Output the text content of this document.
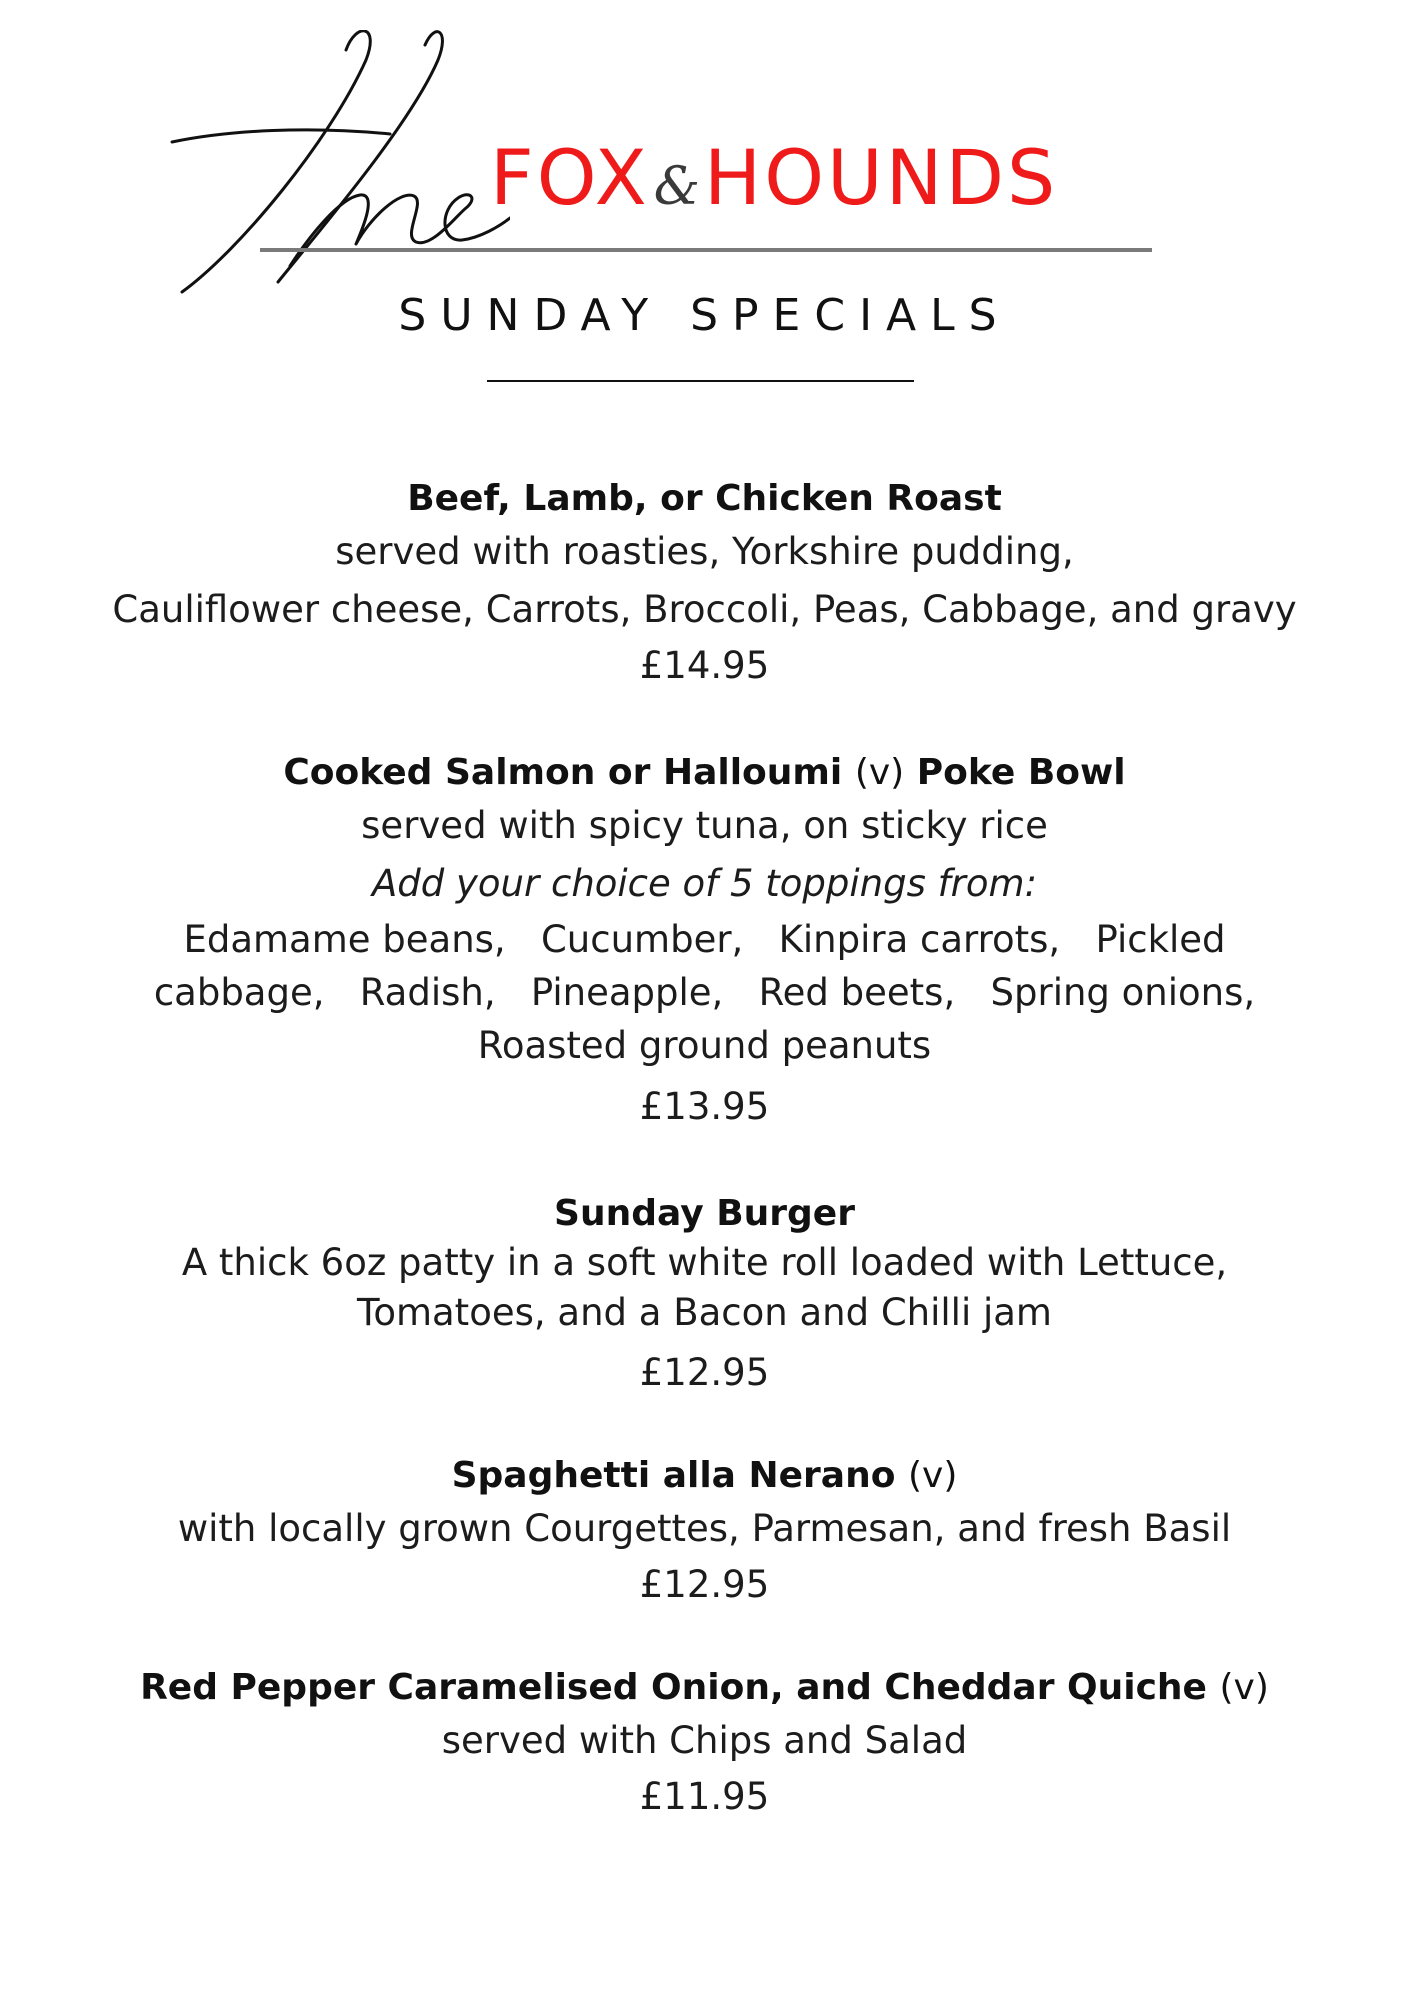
FOX&HOUNDS
SUNDAY SPECIALS
Beef, Lamb, or Chicken Roast
served with roasties, Yorkshire pudding,
Cauliflower cheese, Carrots, Broccoli, Peas, Cabbage, and gravy
£14.95
Cooked Salmon or Halloumi (v) Poke Bowl
served with spicy tuna, on sticky rice
Add your choice of 5 toppings from:
Edamame beans,   Cucumber,   Kinpira carrots,   Pickled cabbage,   Radish,   Pineapple,   Red beets,   Spring onions, Roasted ground peanuts
£13.95
Sunday Burger
A thick 6oz patty in a soft white roll loaded with Lettuce,
Tomatoes, and a Bacon and Chilli jam
£12.95
Spaghetti alla Nerano (v)
with locally grown Courgettes, Parmesan, and fresh Basil
£12.95
Red Pepper Caramelised Onion, and Cheddar Quiche (v)
served with Chips and Salad
£11.95
